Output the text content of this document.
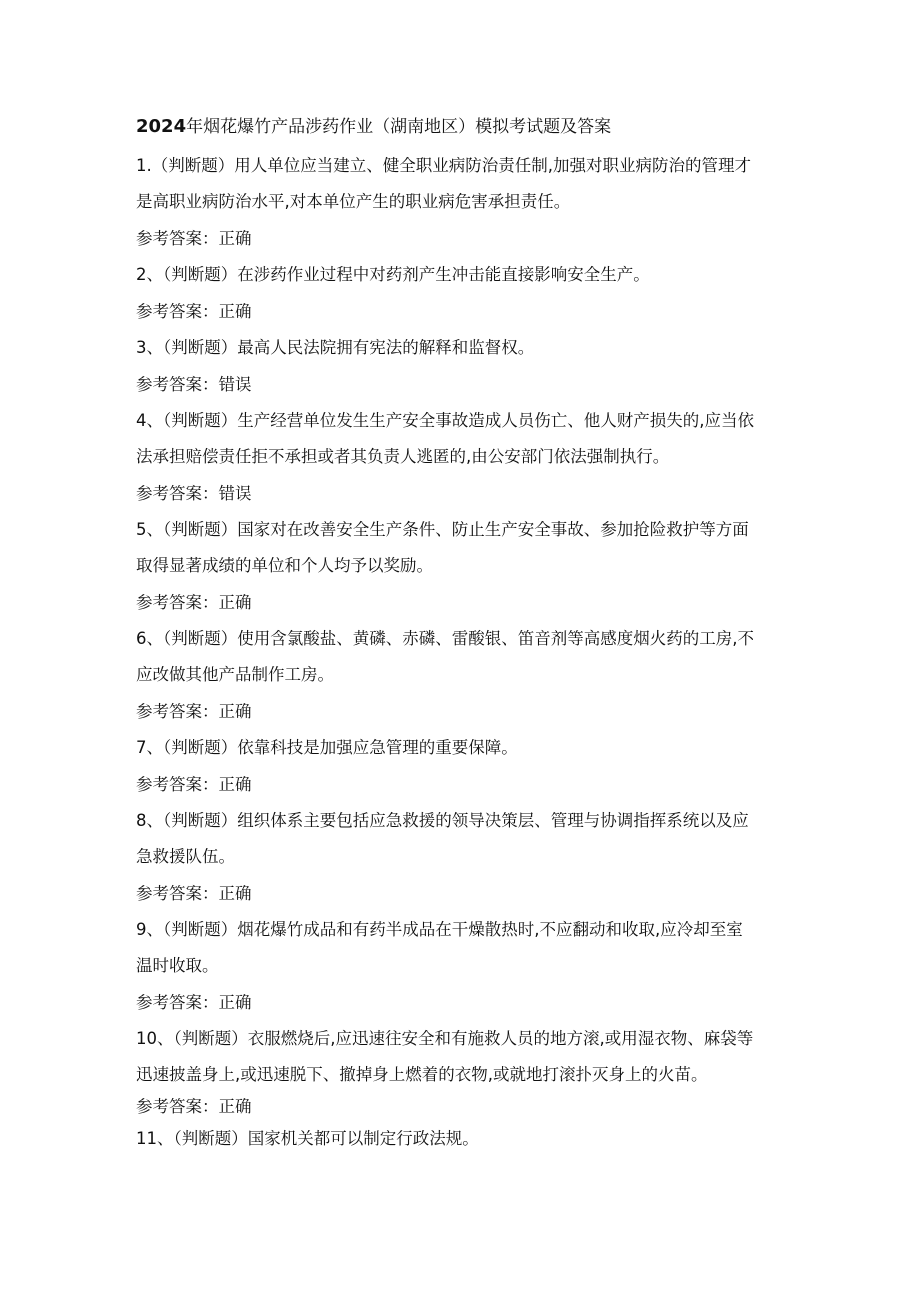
2024年烟花爆竹产品涉药作业（湖南地区）模拟考试题及答案

1.（判断题）用人单位应当建立、健全职业病防治责任制,加强对职业病防治的管理才

是高职业病防治水平,对本单位产生的职业病危害承担责任。

参考答案：正确

2、（判断题）在涉药作业过程中对药剂产生冲击能直接影响安全生产。

参考答案：正确

3、（判断题）最高人民法院拥有宪法的解释和监督权。

参考答案：错误

4、（判断题）生产经营单位发生生产安全事故造成人员伤亡、他人财产损失的,应当依

法承担赔偿责任拒不承担或者其负责人逃匿的,由公安部门依法强制执行。

参考答案：错误

5、（判断题）国家对在改善安全生产条件、防止生产安全事故、参加抢险救护等方面

取得显著成绩的单位和个人均予以奖励。

参考答案：正确

6、（判断题）使用含氯酸盐、黄磷、赤磷、雷酸银、笛音剂等高感度烟火药的工房,不

应改做其他产品制作工房。

参考答案：正确

7、（判断题）依靠科技是加强应急管理的重要保障。

参考答案：正确

8、（判断题）组织体系主要包括应急救援的领导决策层、管理与协调指挥系统以及应

急救援队伍。

参考答案：正确

9、（判断题）烟花爆竹成品和有药半成品在干燥散热时,不应翻动和收取,应冷却至室

温时收取。

参考答案：正确

10、（判断题）衣服燃烧后,应迅速往安全和有施救人员的地方滚,或用湿衣物、麻袋等

迅速披盖身上,或迅速脱下、撤掉身上燃着的衣物,或就地打滚扑灭身上的火苗。

参考答案：正确

11、（判断题）国家机关都可以制定行政法规。
